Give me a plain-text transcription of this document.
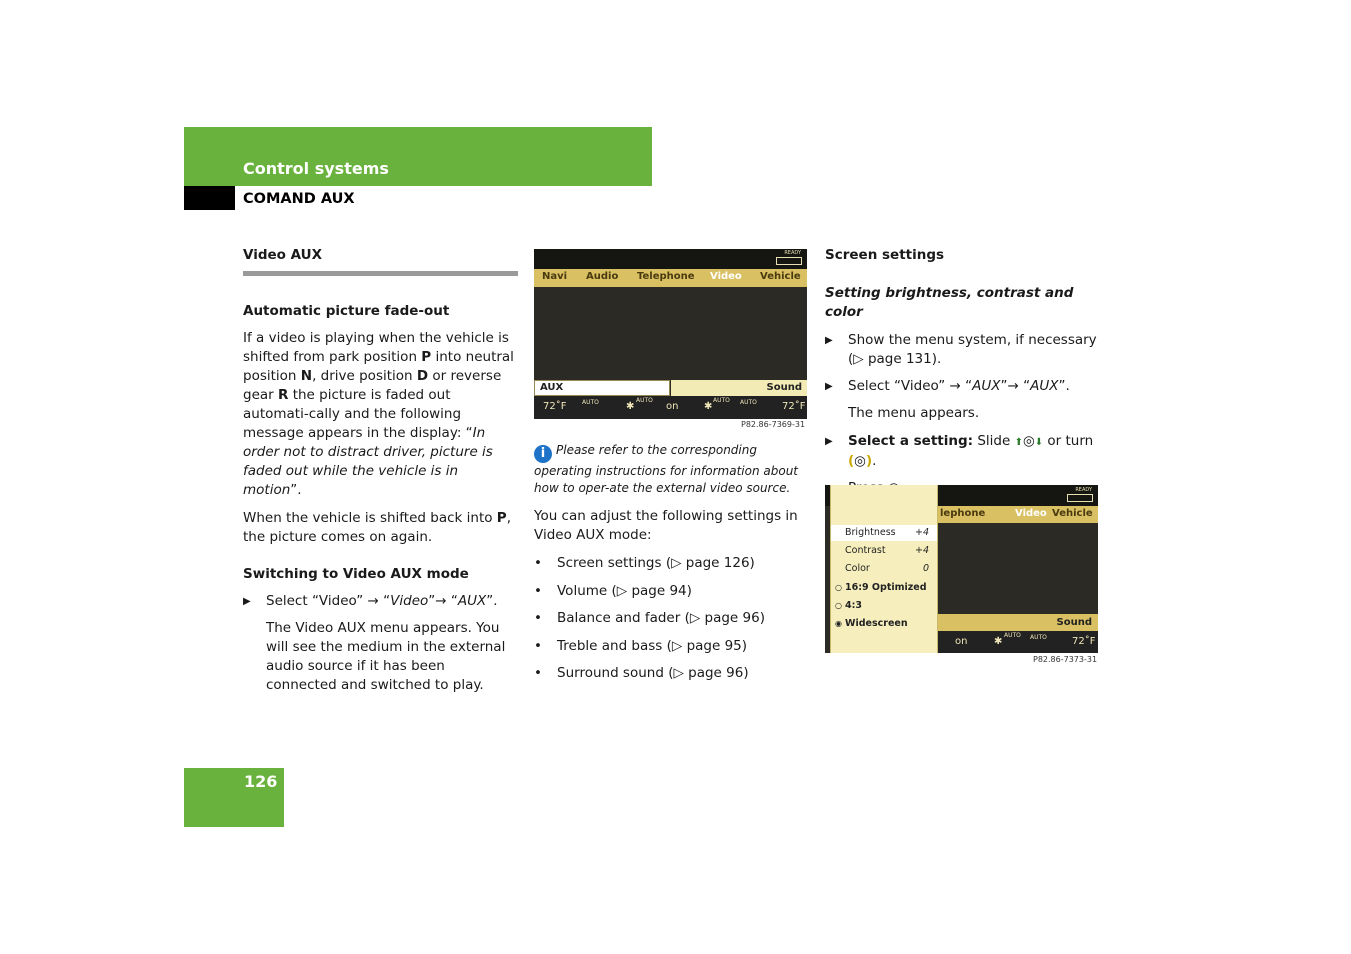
Control systems
COMAND AUX
Video AUX
Automatic picture fade-out

If a video is playing when the vehicle is shifted from park position P into neutral position N, drive position D or reverse gear R the picture is faded out automati-cally and the following message appears in the display: “In order not to distract driver, picture is faded out while the vehicle is in motion”.

When the vehicle is shifted back into P, the picture comes on again.

Switching to Video AUX mode
▶ Select “Video” → “Video”→ “AUX”.

The Video AUX menu appears. You will see the medium in the external audio source if it has been connected and switched to play.

READY
Navi Audio Telephone Video Vehicle
AUX	Sound
72˚F	AUTO	✱
AUTO
on	✱
AUTO AUTO	72˚F
P82.86-7369-31
i Please refer to the corresponding operating instructions for information about how to oper-ate the external video source.

You can adjust the following settings in Video AUX mode:

• Screen settings (▷ page 126)
• Volume (▷ page 94)
• Balance and fader (▷ page 96)
• Treble and bass (▷ page 95)
• Surround sound (▷ page 96)
Screen settings
Setting brightness, contrast and color
▶ Show the menu system, if necessary (▷ page 131).
▶ Select “Video” → “AUX”→ “AUX”.

The menu appears.

▶ Select a setting: Slide ⬆◎⬇ or turn
(◎).
READY
lephone	Video Vehicle
Sound
on	✱
AUTO AUTO	72˚F
Brightness +4
Contrast	+4
Color	0
○ 16:9 Optimized
○ 4:3
◉ Widescreen
P82.86-7373-31
126
